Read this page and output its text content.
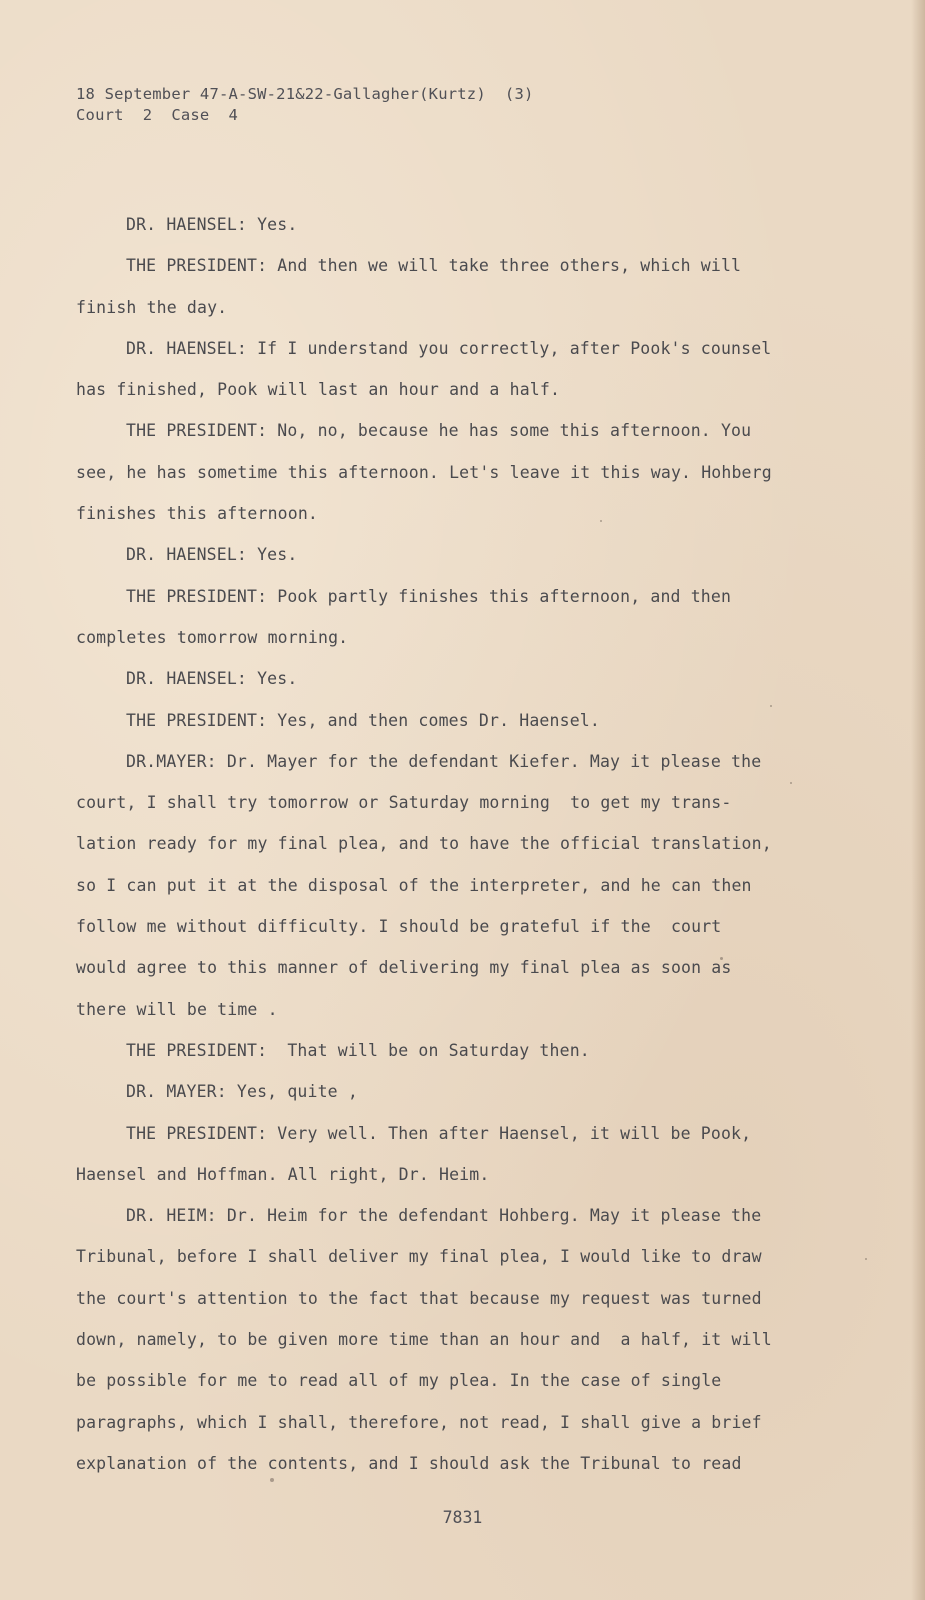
18 September 47-A-SW-21&22-Gallagher(Kurtz)  (3)
Court  2  Case  4
DR. HAENSEL: Yes.
THE PRESIDENT: And then we will take three others, which will
finish the day.
DR. HAENSEL: If I understand you correctly, after Pook's counsel
has finished, Pook will last an hour and a half.
THE PRESIDENT: No, no, because he has some this afternoon. You
see, he has sometime this afternoon. Let's leave it this way. Hohberg
finishes this afternoon.
DR. HAENSEL: Yes.
THE PRESIDENT: Pook partly finishes this afternoon, and then
completes tomorrow morning.
DR. HAENSEL: Yes.
THE PRESIDENT: Yes, and then comes Dr. Haensel.
DR.MAYER: Dr. Mayer for the defendant Kiefer. May it please the
court, I shall try tomorrow or Saturday morning  to get my trans-
lation ready for my final plea, and to have the official translation,
so I can put it at the disposal of the interpreter, and he can then
follow me without difficulty. I should be grateful if the  court
would agree to this manner of delivering my final plea as soon as
there will be time .
THE PRESIDENT:  That will be on Saturday then.
DR. MAYER: Yes, quite ,
THE PRESIDENT: Very well. Then after Haensel, it will be Pook,
Haensel and Hoffman. All right, Dr. Heim.
DR. HEIM: Dr. Heim for the defendant Hohberg. May it please the
Tribunal, before I shall deliver my final plea, I would like to draw
the court's attention to the fact that because my request was turned
down, namely, to be given more time than an hour and  a half, it will
be possible for me to read all of my plea. In the case of single
paragraphs, which I shall, therefore, not read, I shall give a brief
explanation of the contents, and I should ask the Tribunal to read
7831
